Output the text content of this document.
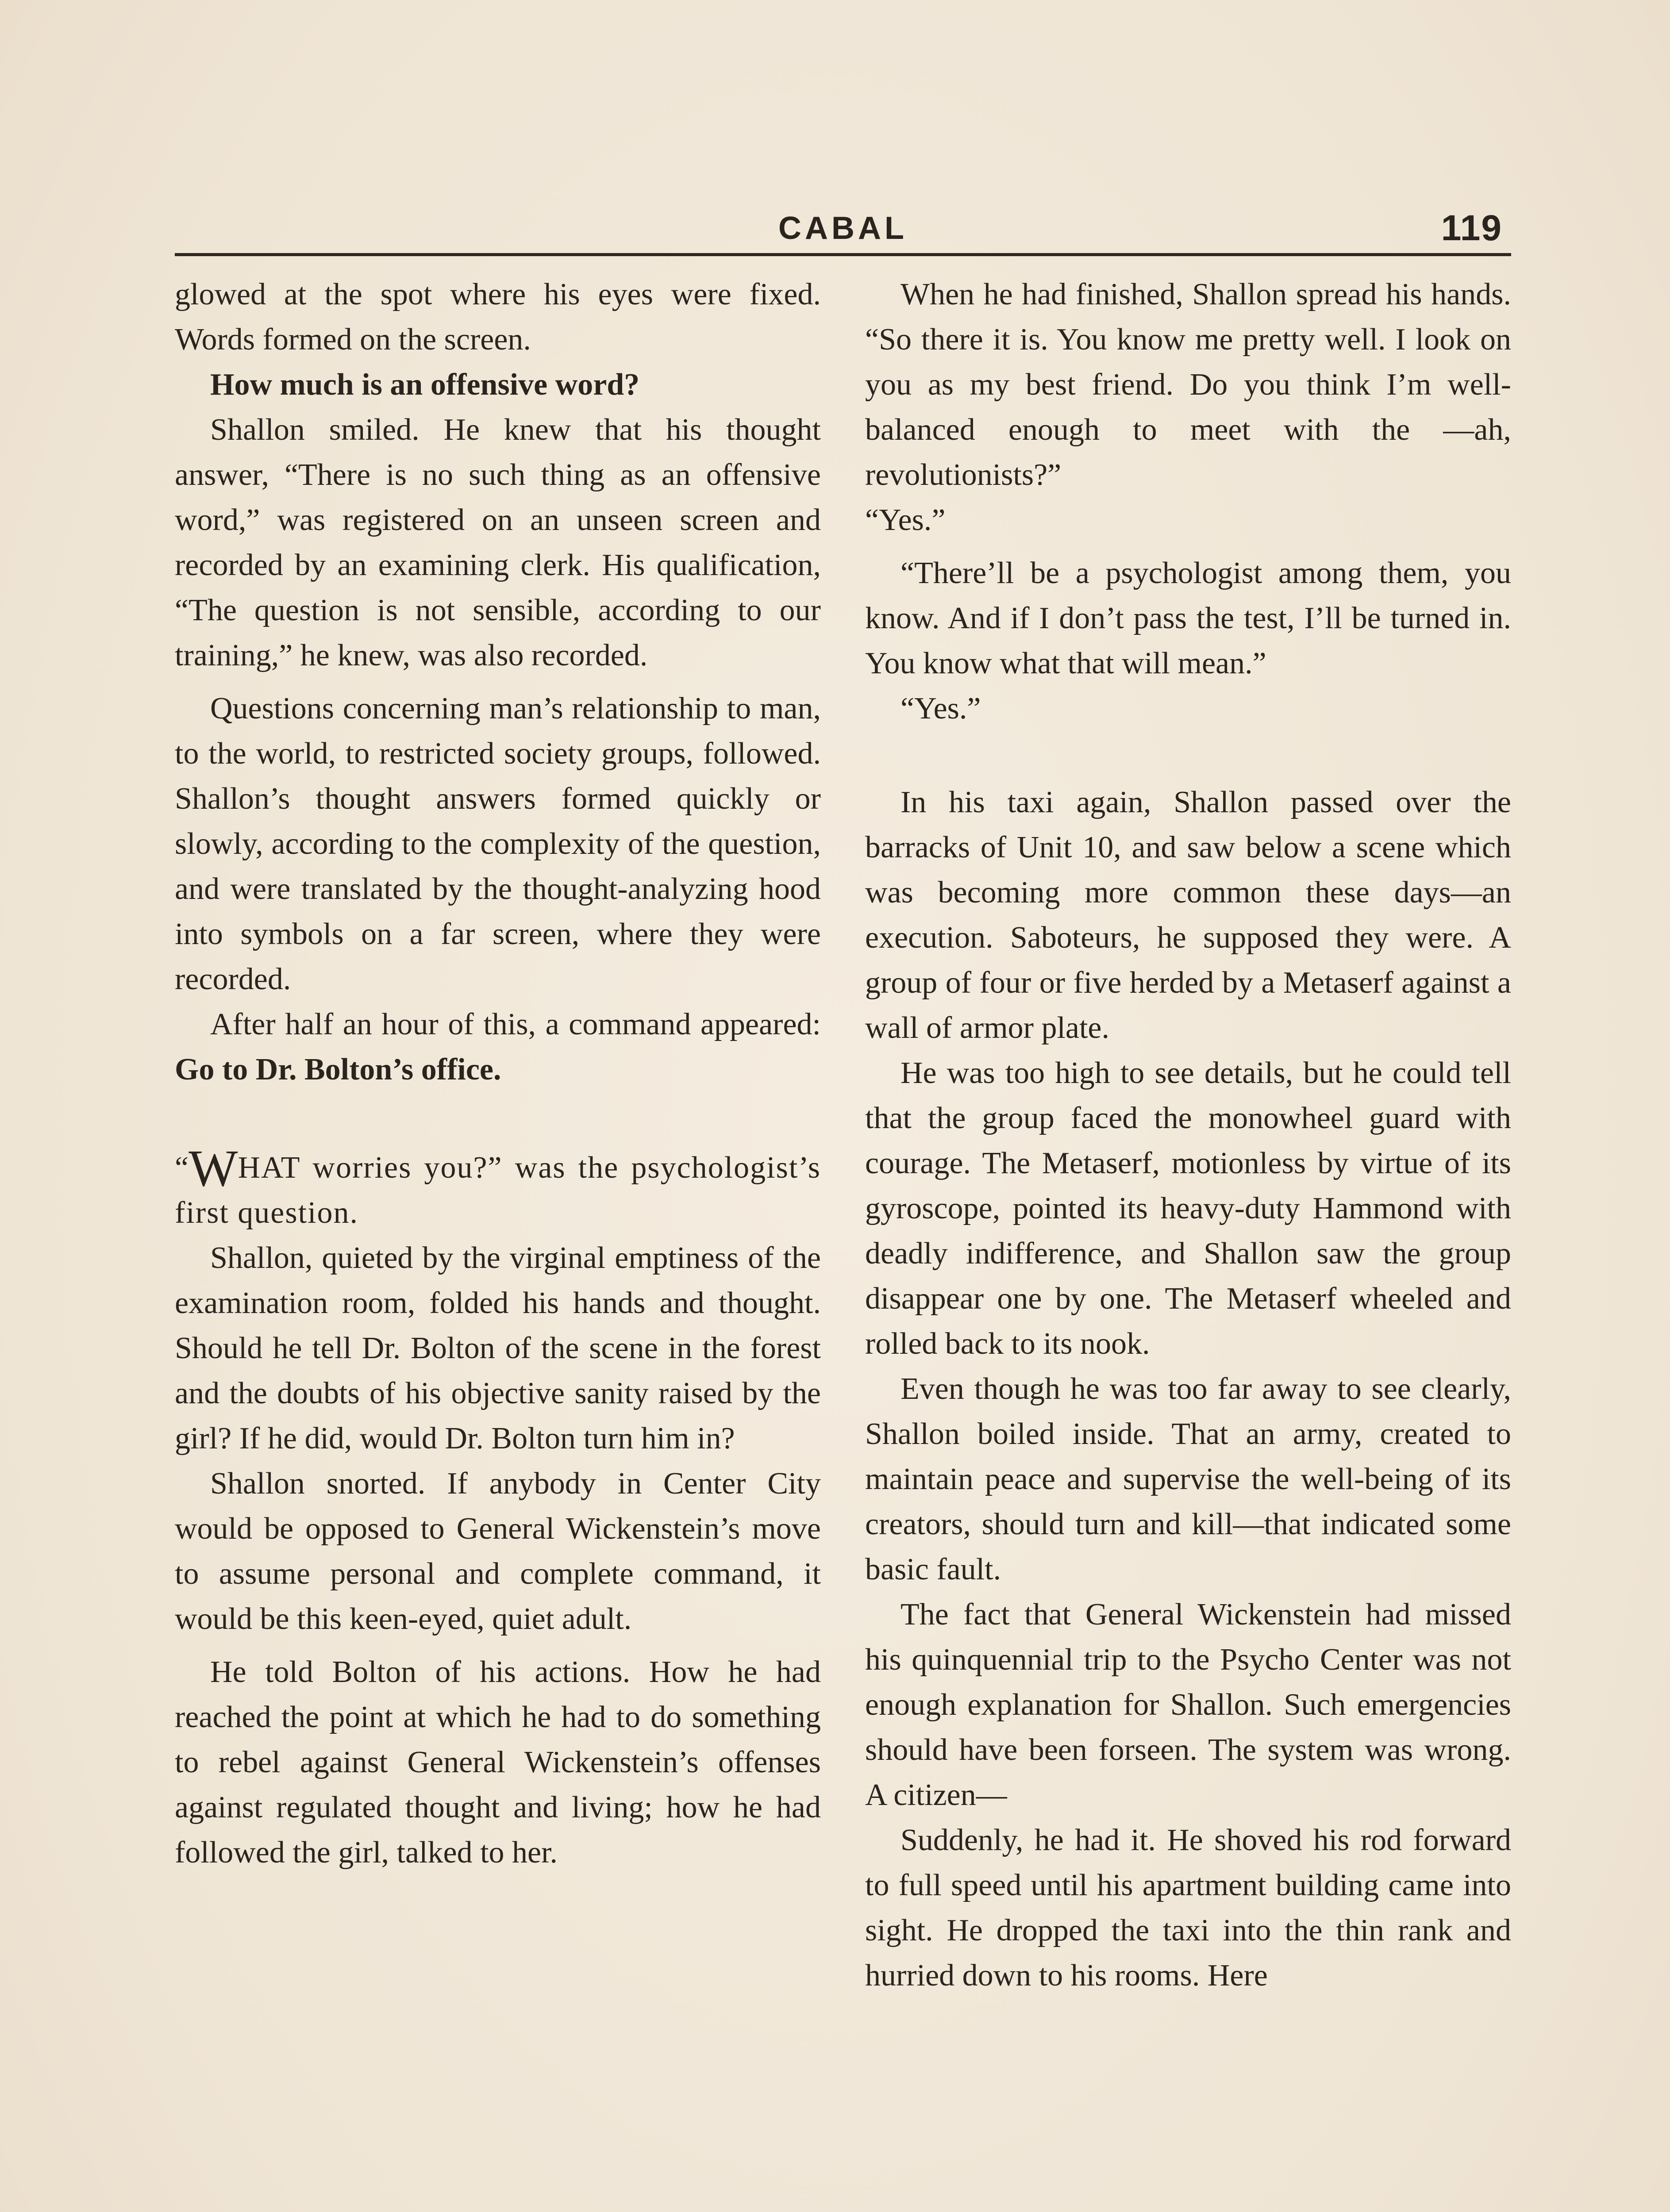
CABAL	119

glowed at the spot where his eyes were fixed. Words formed on the screen.

How much is an offensive word?

Shallon smiled. He knew that his thought answer, “There is no such thing as an offensive word,” was registered on an unseen screen and recorded by an examining clerk. His qualification, “The question is not sensible, according to our training,” he knew, was also recorded.

Questions concerning man’s relationship to man, to the world, to restricted society groups, followed. Shallon’s thought answers formed quickly or slowly, according to the complexity of the question, and were translated by the thought-analyzing hood into symbols on a far screen, where they were recorded.

After half an hour of this, a command appeared: Go to Dr. Bolton’s office.

“WHAT worries you?” was the psychologist’s first question.

Shallon, quieted by the virginal emptiness of the examination room, folded his hands and thought. Should he tell Dr. Bolton of the scene in the forest and the doubts of his objective sanity raised by the girl? If he did, would Dr. Bolton turn him in?

Shallon snorted. If anybody in Center City would be opposed to General Wickenstein’s move to assume personal and complete command, it would be this keen-eyed, quiet adult.

He told Bolton of his actions. How he had reached the point at which he had to do something to rebel against General Wickenstein’s offenses against regulated thought and living; how he had followed the girl, talked to her.

When he had finished, Shallon spread his hands. “So there it is. You know me pretty well. I look on you as my best friend. Do you think I’m well-balanced enough to meet with the —ah, revolutionists?”

“Yes.”

“There’ll be a psychologist among them, you know. And if I don’t pass the test, I’ll be turned in. You know what that will mean.”

“Yes.”

In his taxi again, Shallon passed over the barracks of Unit 10, and saw below a scene which was becoming more common these days—an execution. Saboteurs, he supposed they were. A group of four or five herded by a Metaserf against a wall of armor plate.

He was too high to see details, but he could tell that the group faced the monowheel guard with courage. The Metaserf, motionless by virtue of its gyroscope, pointed its heavy-duty Hammond with deadly indifference, and Shallon saw the group disappear one by one. The Metaserf wheeled and rolled back to its nook.

Even though he was too far away to see clearly, Shallon boiled inside. That an army, created to maintain peace and supervise the well-being of its creators, should turn and kill—that indicated some basic fault.

The fact that General Wickenstein had missed his quinquennial trip to the Psycho Center was not enough explanation for Shallon. Such emergencies should have been forseen. The system was wrong. A citizen—

Suddenly, he had it. He shoved his rod forward to full speed until his apartment building came into sight. He dropped the taxi into the thin rank and hurried down to his rooms. Here
